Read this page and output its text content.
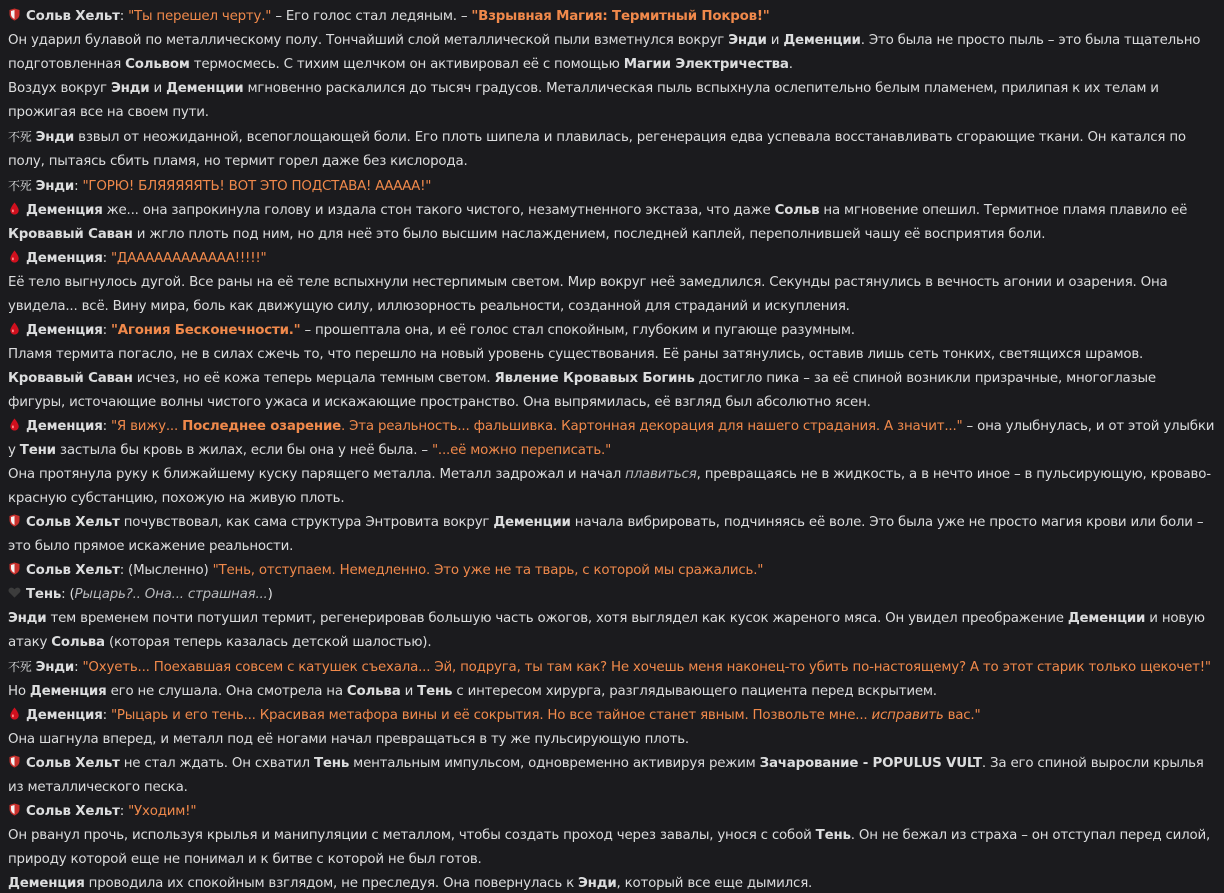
Сольв Хельт: "Ты перешел черту." – Его голос стал ледяным. – "Взрывная Магия: Термитный Покров!"
Он ударил булавой по металлическому полу. Тончайший слой металлической пыли взметнулся вокруг Энди и Деменции. Это была не просто пыль – это была тщательно подготовленная Сольвом термосмесь. С тихим щелчком он активировал её с помощью Магии Электричества.
Воздух вокруг Энди и Деменции мгновенно раскалился до тысяч градусов. Металлическая пыль вспыхнула ослепительно белым пламенем, прилипая к их телам и прожигая все на своем пути.
不死 Энди взвыл от неожиданной, всепоглощающей боли. Его плоть шипела и плавилась, регенерация едва успевала восстанавливать сгорающие ткани. Он катался по полу, пытаясь сбить пламя, но термит горел даже без кислорода.
不死 Энди: "ГОРЮ! БЛЯЯЯЯЯТЬ! ВОТ ЭТО ПОДСТАВА! ААААА!"
Деменция же... она запрокинула голову и издала стон такого чистого, незамутненного экстаза, что даже Сольв на мгновение опешил. Термитное пламя плавило её Кровавый Саван и жгло плоть под ним, но для неё это было высшим наслаждением, последней каплей, переполнившей чашу её восприятия боли.
Деменция: "ДАААААААААААА!!!!!"
Её тело выгнулось дугой. Все раны на её теле вспыхнули нестерпимым светом. Мир вокруг неё замедлился. Секунды растянулись в вечность агонии и озарения. Она увидела... всё. Вину мира, боль как движущую силу, иллюзорность реальности, созданной для страданий и искупления.
Деменция: "Агония Бесконечности." – прошептала она, и её голос стал спокойным, глубоким и пугающе разумным.
Пламя термита погасло, не в силах сжечь то, что перешло на новый уровень существования. Её раны затянулись, оставив лишь сеть тонких, светящихся шрамов. Кровавый Саван исчез, но её кожа теперь мерцала темным светом. Явление Кровавых Богинь достигло пика – за её спиной возникли призрачные, многоглазые фигуры, источающие волны чистого ужаса и искажающие пространство. Она выпрямилась, её взгляд был абсолютно ясен.
Деменция: "Я вижу... Последнее озарение. Эта реальность... фальшивка. Картонная декорация для нашего страдания. А значит..." – она улыбнулась, и от этой улыбки у Тени застыла бы кровь в жилах, если бы она у неё была. – "...её можно переписать."
Она протянула руку к ближайшему куску парящего металла. Металл задрожал и начал плавиться, превращаясь не в жидкость, а в нечто иное – в пульсирующую, кроваво-красную субстанцию, похожую на живую плоть.
Сольв Хельт почувствовал, как сама структура Энтровита вокруг Деменции начала вибрировать, подчиняясь её воле. Это была уже не просто магия крови или боли – это было прямое искажение реальности.
Сольв Хельт: (Мысленно) "Тень, отступаем. Немедленно. Это уже не та тварь, с которой мы сражались."
Тень: (Рыцарь?.. Она... страшная...)
Энди тем временем почти потушил термит, регенерировав большую часть ожогов, хотя выглядел как кусок жареного мяса. Он увидел преображение Деменции и новую атаку Сольва (которая теперь казалась детской шалостью).
不死 Энди: "Охуеть... Поехавшая совсем с катушек съехала... Эй, подруга, ты там как? Не хочешь меня наконец-то убить по-настоящему? А то этот старик только щекочет!"
Но Деменция его не слушала. Она смотрела на Сольва и Тень с интересом хирурга, разглядывающего пациента перед вскрытием.
Деменция: "Рыцарь и его тень... Красивая метафора вины и её сокрытия. Но все тайное станет явным. Позвольте мне... исправить вас."
Она шагнула вперед, и металл под её ногами начал превращаться в ту же пульсирующую плоть.
Сольв Хельт не стал ждать. Он схватил Тень ментальным импульсом, одновременно активируя режим Зачарование - POPULUS VULT. За его спиной выросли крылья из металлического песка.
Сольв Хельт: "Уходим!"
Он рванул прочь, используя крылья и манипуляции с металлом, чтобы создать проход через завалы, унося с собой Тень. Он не бежал из страха – он отступал перед силой, природу которой еще не понимал и к битве с которой не был готов.
Деменция проводила их спокойным взглядом, не преследуя. Она повернулась к Энди, который все еще дымился.
